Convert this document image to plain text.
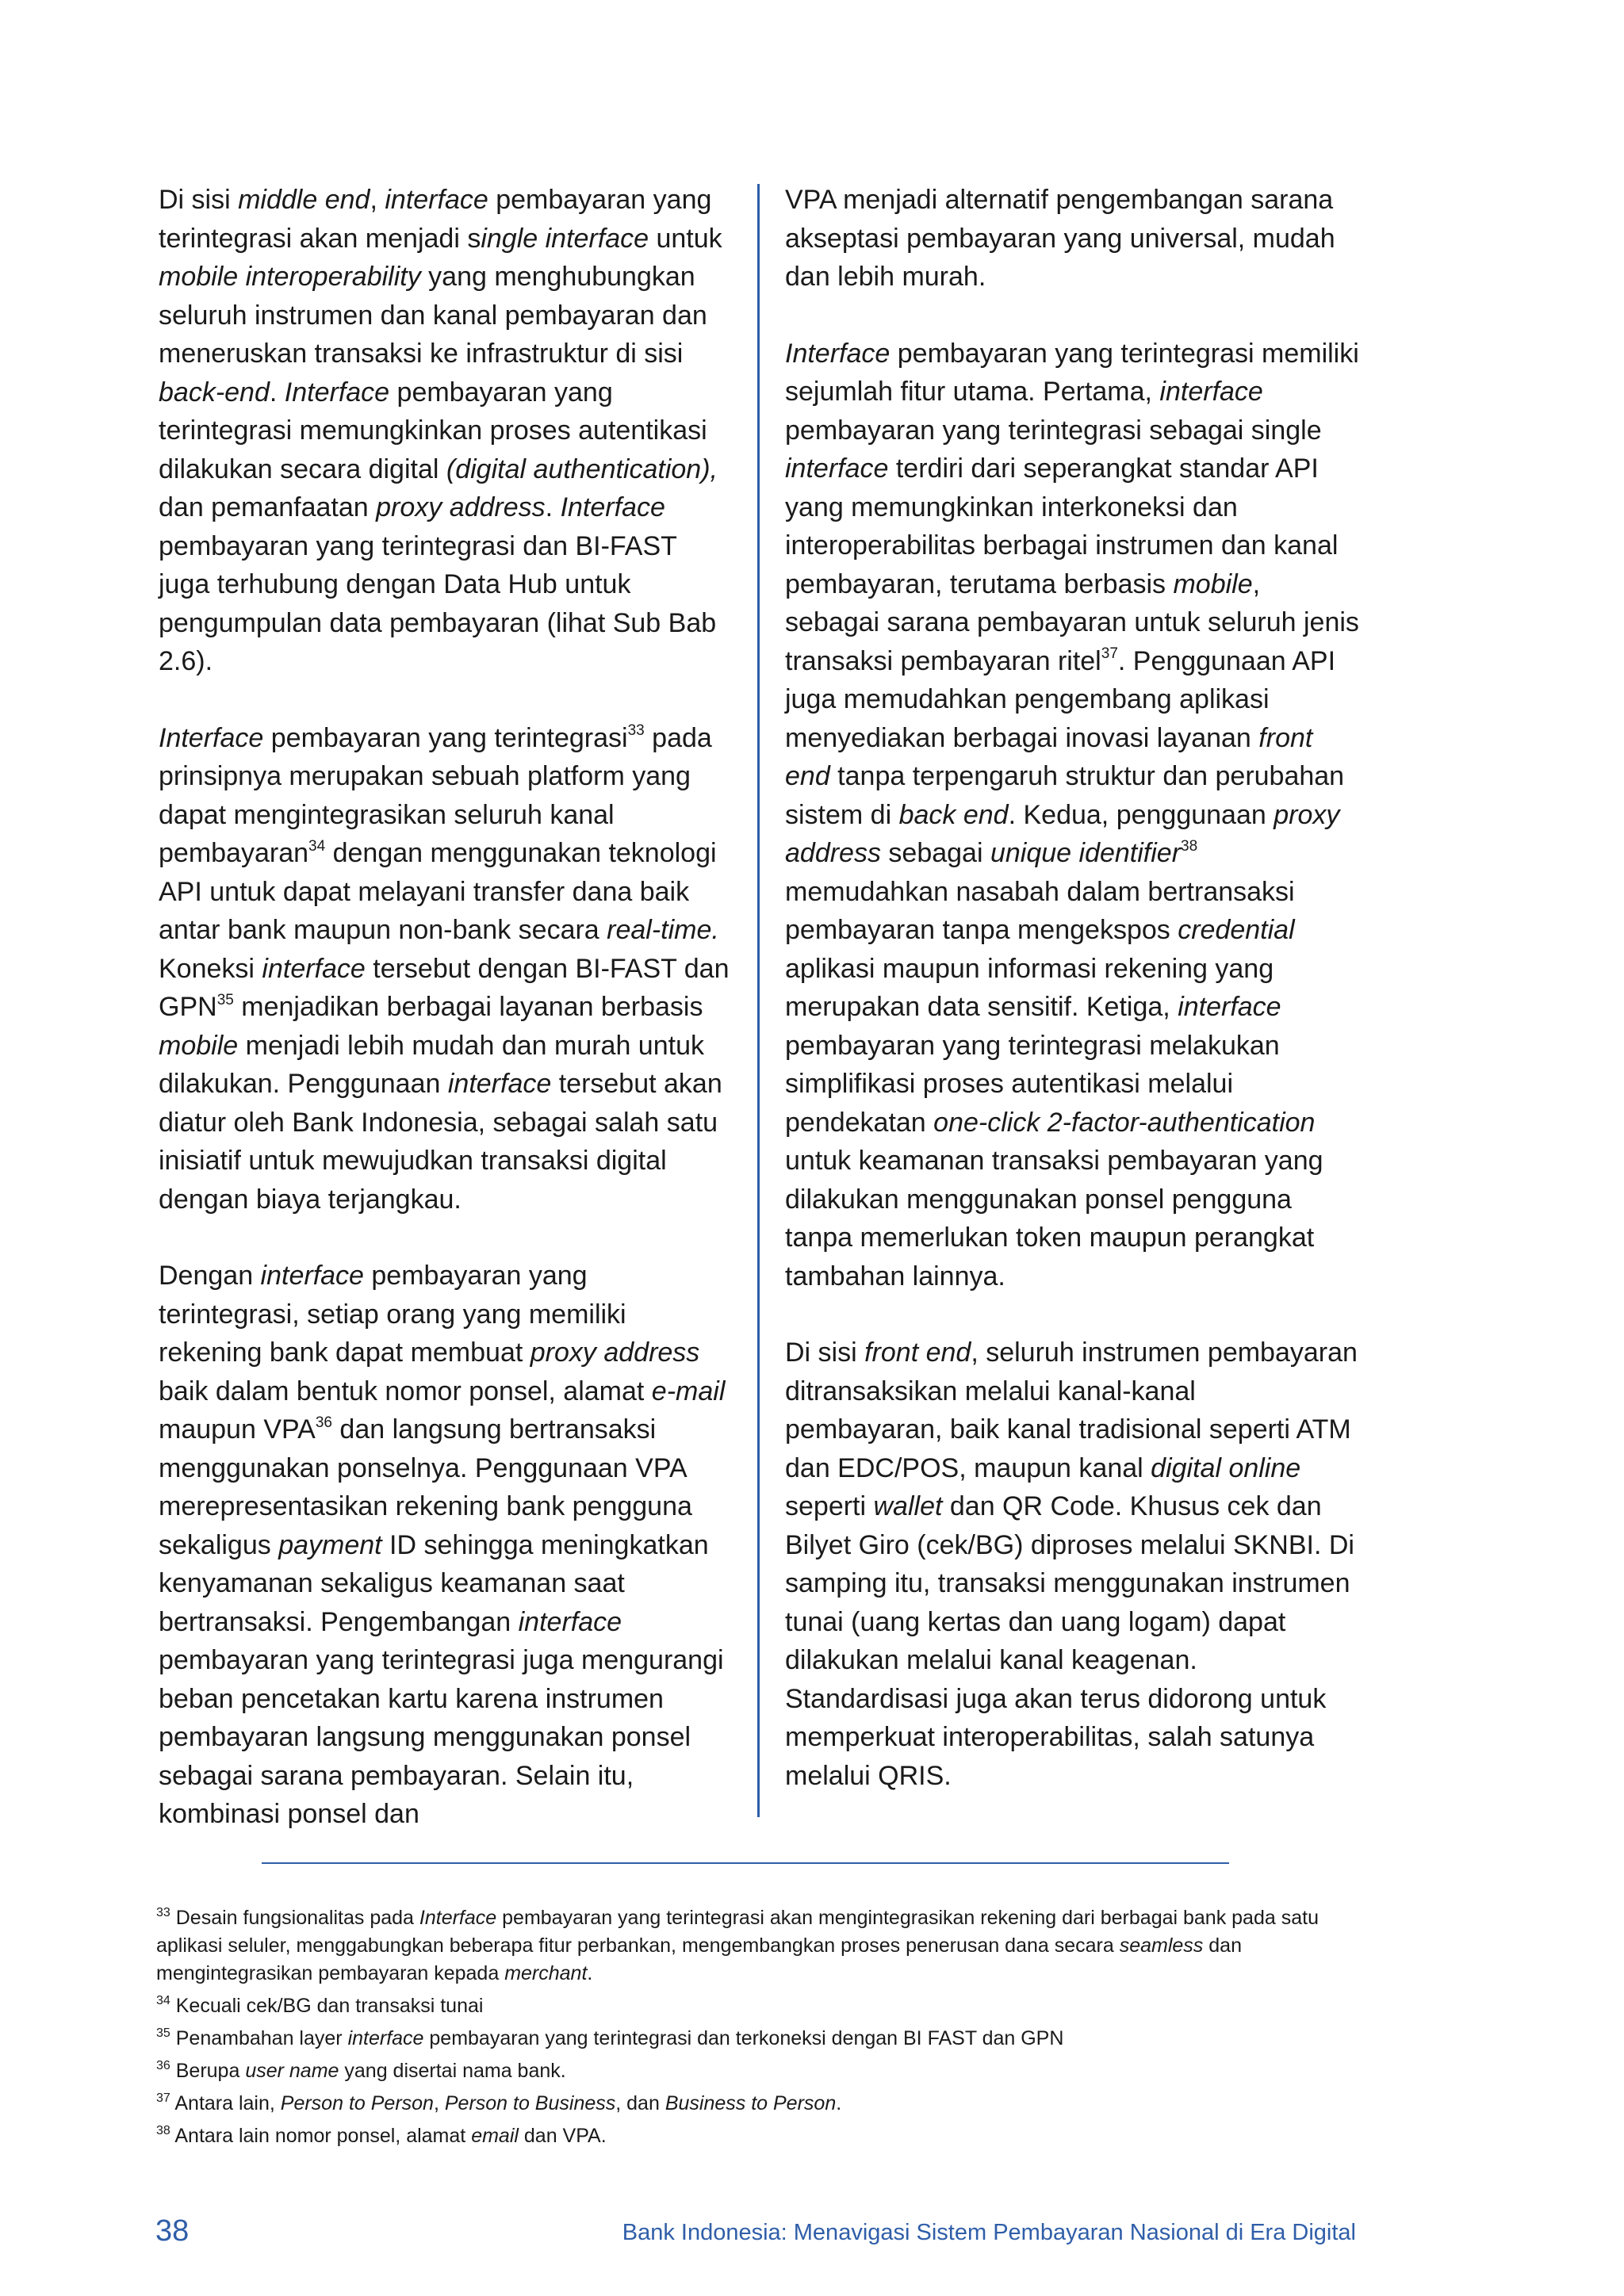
Di sisi middle end, interface pembayaran yang terintegrasi akan menjadi single interface untuk mobile interoperability yang menghubungkan seluruh instrumen dan kanal pembayaran dan meneruskan transaksi ke infrastruktur di sisi back-end. Interface pembayaran yang terintegrasi memungkinkan proses autentikasi dilakukan secara digital (digital authentication), dan pemanfaatan proxy address. Interface pembayaran yang terintegrasi dan BI-FAST juga terhubung dengan Data Hub untuk pengumpulan data pembayaran (lihat Sub Bab 2.6).

Interface pembayaran yang terintegrasi$^{33}$ pada prinsipnya merupakan sebuah platform yang dapat mengintegrasikan seluruh kanal pembayaran$^{34}$ dengan menggunakan teknologi API untuk dapat melayani transfer dana baik antar bank maupun non-bank secara real-time. Koneksi interface tersebut dengan BI-FAST dan GPN$^{35}$ menjadikan berbagai layanan berbasis mobile menjadi lebih mudah dan murah untuk dilakukan. Penggunaan interface tersebut akan diatur oleh Bank Indonesia, sebagai salah satu inisiatif untuk mewujudkan transaksi digital dengan biaya terjangkau.

Dengan interface pembayaran yang terintegrasi, setiap orang yang memiliki rekening bank dapat membuat proxy address baik dalam bentuk nomor ponsel, alamat e-mail maupun VPA$^{36}$ dan langsung bertransaksi menggunakan ponselnya. Penggunaan VPA merepresentasikan rekening bank pengguna sekaligus payment ID sehingga meningkatkan kenyamanan sekaligus keamanan saat bertransaksi. Pengembangan interface pembayaran yang terintegrasi juga mengurangi beban pencetakan kartu karena instrumen pembayaran langsung menggunakan ponsel sebagai sarana pembayaran. Selain itu, kombinasi ponsel dan

VPA menjadi alternatif pengembangan sarana akseptasi pembayaran yang universal, mudah dan lebih murah.

Interface pembayaran yang terintegrasi memiliki sejumlah fitur utama. Pertama, interface pembayaran yang terintegrasi sebagai single interface terdiri dari seperangkat standar API yang memungkinkan interkoneksi dan interoperabilitas berbagai instrumen dan kanal pembayaran, terutama berbasis mobile, sebagai sarana pembayaran untuk seluruh jenis transaksi pembayaran ritel$^{37}$. Penggunaan API juga memudahkan pengembang aplikasi menyediakan berbagai inovasi layanan front end tanpa terpengaruh struktur dan perubahan sistem di back end. Kedua, penggunaan proxy address sebagai unique identifier$^{38}$ memudahkan nasabah dalam bertransaksi pembayaran tanpa mengekspos credential aplikasi maupun informasi rekening yang merupakan data sensitif. Ketiga, interface pembayaran yang terintegrasi melakukan simplifikasi proses autentikasi melalui pendekatan one-click 2-factor-authentication untuk keamanan transaksi pembayaran yang dilakukan menggunakan ponsel pengguna tanpa memerlukan token maupun perangkat tambahan lainnya.

Di sisi front end, seluruh instrumen pembayaran ditransaksikan melalui kanal-kanal pembayaran, baik kanal tradisional seperti ATM dan EDC/POS, maupun kanal digital online seperti wallet dan QR Code. Khusus cek dan Bilyet Giro (cek/BG) diproses melalui SKNBI. Di samping itu, transaksi menggunakan instrumen tunai (uang kertas dan uang logam) dapat dilakukan melalui kanal keagenan. Standardisasi juga akan terus didorong untuk memperkuat interoperabilitas, salah satunya melalui QRIS.

$^{33}$ Desain fungsionalitas pada Interface pembayaran yang terintegrasi akan mengintegrasikan rekening dari berbagai bank pada satu aplikasi seluler, menggabungkan beberapa fitur perbankan, mengembangkan proses penerusan dana secara seamless dan mengintegrasikan pembayaran kepada merchant.
$^{34}$ Kecuali cek/BG dan transaksi tunai
$^{35}$ Penambahan layer interface pembayaran yang terintegrasi dan terkoneksi dengan BI FAST dan GPN
$^{36}$ Berupa user name yang disertai nama bank.
$^{37}$ Antara lain, Person to Person, Person to Business, dan Business to Person.
$^{38}$ Antara lain nomor ponsel, alamat email dan VPA.
38	Bank Indonesia: Menavigasi Sistem Pembayaran Nasional di Era Digital
